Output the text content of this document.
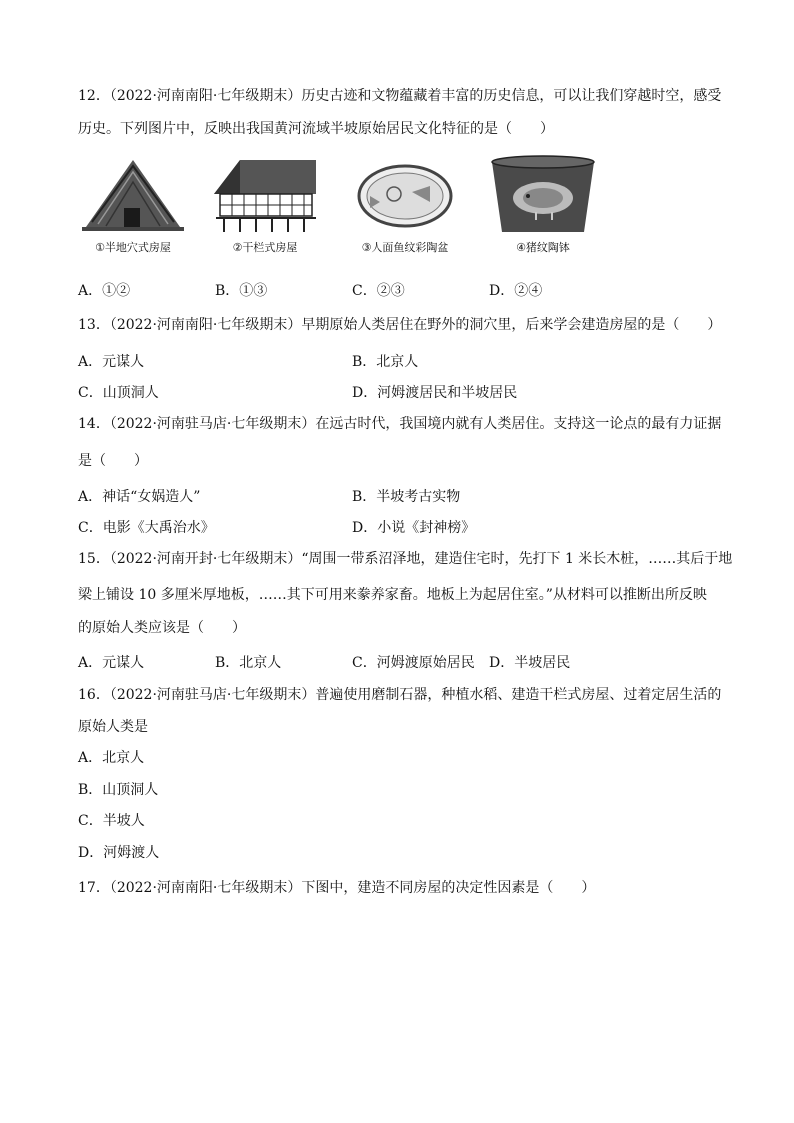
12．（2022·河南南阳·七年级期末）历史古迹和文物蕴藏着丰富的历史信息，可以让我们穿越时空，感受
历史。下列图片中，反映出我国黄河流域半坡原始居民文化特征的是（　　）
①半地穴式房屋	②干栏式房屋	③人面鱼纹彩陶盆	④猪纹陶钵
A．①②	B．①③	C．②③	D．②④
13．（2022·河南南阳·七年级期末）早期原始人类居住在野外的洞穴里，后来学会建造房屋的是（　　）
A．元谋人	B．北京人
C．山顶洞人	D．河姆渡居民和半坡居民
14．（2022·河南驻马店·七年级期末）在远古时代，我国境内就有人类居住。支持这一论点的最有力证据
是（　　）
A．神话“女娲造人”	B．半坡考古实物
C．电影《大禹治水》	D．小说《封神榜》
15．（2022·河南开封·七年级期末）“周围一带系沼泽地，建造住宅时，先打下 1 米长木桩，……其后于地
梁上铺设 10 多厘米厚地板，……其下可用来豢养家畜。地板上为起居住室。”从材料可以推断出所反映
的原始人类应该是（　　）
A．元谋人	B．北京人	C．河姆渡原始居民 D．半坡居民
16．（2022·河南驻马店·七年级期末）普遍使用磨制石器，种植水稻、建造干栏式房屋、过着定居生活的
原始人类是
A．北京人
B．山顶洞人
C．半坡人
D．河姆渡人
17．（2022·河南南阳·七年级期末）下图中，建造不同房屋的决定性因素是（　　）
